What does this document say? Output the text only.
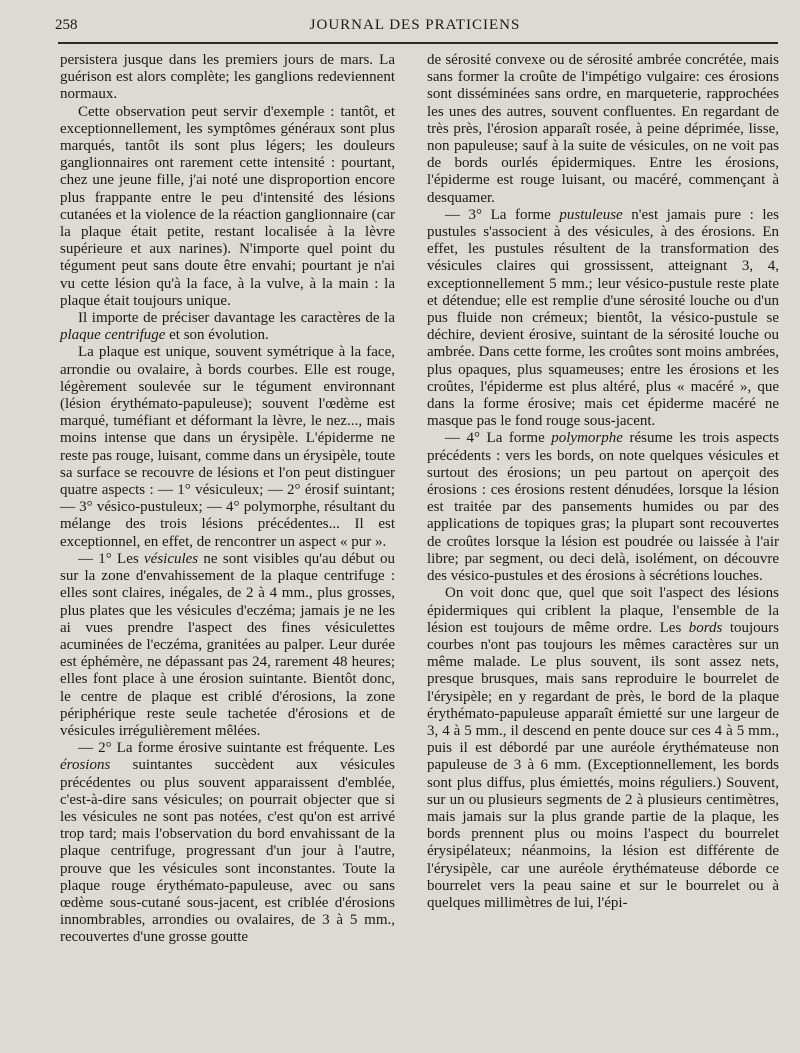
258	JOURNAL DES PRATICIENS

persistera jusque dans les premiers jours de mars. La guérison est alors complète; les ganglions redeviennent normaux.

Cette observation peut servir d'exemple : tantôt, et exceptionnellement, les symptômes généraux sont plus marqués, tantôt ils sont plus légers; les douleurs ganglionnaires ont rarement cette intensité : pourtant, chez une jeune fille, j'ai noté une disproportion encore plus frappante entre le peu d'intensité des lésions cutanées et la violence de la réaction ganglionnaire (car la plaque était petite, restant localisée à la lèvre supérieure et aux narines). N'importe quel point du tégument peut sans doute être envahi; pourtant je n'ai vu cette lésion qu'à la face, à la vulve, à la main : la plaque était toujours unique.

Il importe de préciser davantage les caractères de la plaque centrifuge et son évolution.

La plaque est unique, souvent symétrique à la face, arrondie ou ovalaire, à bords courbes. Elle est rouge, légèrement soulevée sur le tégument environnant (lésion érythémato-papuleuse); souvent l'œdème est marqué, tuméfiant et déformant la lèvre, le nez..., mais moins intense que dans un érysipèle. L'épiderme ne reste pas rouge, luisant, comme dans un érysipèle, toute sa surface se recouvre de lésions et l'on peut distinguer quatre aspects : — 1° vésiculeux; — 2° érosif suintant; — 3° vésico-pustuleux; — 4° polymorphe, résultant du mélange des trois lésions précédentes... Il est exceptionnel, en effet, de rencontrer un aspect « pur ».

— 1° Les vésicules ne sont visibles qu'au début ou sur la zone d'envahissement de la plaque centrifuge : elles sont claires, inégales, de 2 à 4 mm., plus grosses, plus plates que les vésicules d'eczéma; jamais je ne les ai vues prendre l'aspect des fines vésiculettes acuminées de l'eczéma, granitées au palper. Leur durée est éphémère, ne dépassant pas 24, rarement 48 heures; elles font place à une érosion suintante. Bientôt donc, le centre de plaque est criblé d'érosions, la zone périphérique reste seule tachetée d'érosions et de vésicules irrégulièrement mêlées.

— 2° La forme érosive suintante est fréquente. Les érosions suintantes succèdent aux vésicules précédentes ou plus souvent apparaissent d'emblée, c'est-à-dire sans vésicules; on pourrait objecter que si les vésicules ne sont pas notées, c'est qu'on est arrivé trop tard; mais l'observation du bord envahissant de la plaque centrifuge, progressant d'un jour à l'autre, prouve que les vésicules sont inconstantes. Toute la plaque rouge érythémato-papuleuse, avec ou sans œdème sous-cutané sous-jacent, est criblée d'érosions innombrables, arrondies ou ovalaires, de 3 à 5 mm., recouvertes d'une grosse goutte

de sérosité convexe ou de sérosité ambrée concrétée, mais sans former la croûte de l'impétigo vulgaire: ces érosions sont disséminées sans ordre, en marqueterie, rapprochées les unes des autres, souvent confluentes. En regardant de très près, l'érosion apparaît rosée, à peine déprimée, lisse, non papuleuse; sauf à la suite de vésicules, on ne voit pas de bords ourlés épidermiques. Entre les érosions, l'épiderme est rouge luisant, ou macéré, commençant à desquamer.

— 3° La forme pustuleuse n'est jamais pure : les pustules s'associent à des vésicules, à des érosions. En effet, les pustules résultent de la transformation des vésicules claires qui grossissent, atteignant 3, 4, exceptionnellement 5 mm.; leur vésico-pustule reste plate et détendue; elle est remplie d'une sérosité louche ou d'un pus fluide non crémeux; bientôt, la vésico-pustule se déchire, devient érosive, suintant de la sérosité louche ou ambrée. Dans cette forme, les croûtes sont moins ambrées, plus opaques, plus squameuses; entre les érosions et les croûtes, l'épiderme est plus altéré, plus « macéré », que dans la forme érosive; mais cet épiderme macéré ne masque pas le fond rouge sous-jacent.

— 4° La forme polymorphe résume les trois aspects précédents : vers les bords, on note quelques vésicules et surtout des érosions; un peu partout on aperçoit des érosions : ces érosions restent dénudées, lorsque la lésion est traitée par des pansements humides ou par des applications de topiques gras; la plupart sont recouvertes de croûtes lorsque la lésion est poudrée ou laissée à l'air libre; par segment, ou deci delà, isolément, on découvre des vésico-pustules et des érosions à sécrétions louches.

On voit donc que, quel que soit l'aspect des lésions épidermiques qui criblent la plaque, l'ensemble de la lésion est toujours de même ordre. Les bords toujours courbes n'ont pas toujours les mêmes caractères sur un même malade. Le plus souvent, ils sont assez nets, presque brusques, mais sans reproduire le bourrelet de l'érysipèle; en y regardant de près, le bord de la plaque érythémato-papuleuse apparaît émietté sur une largeur de 3, 4 à 5 mm., il descend en pente douce sur ces 4 à 5 mm., puis il est débordé par une auréole érythémateuse non papuleuse de 3 à 6 mm. (Exceptionnellement, les bords sont plus diffus, plus émiettés, moins réguliers.) Souvent, sur un ou plusieurs segments de 2 à plusieurs centimètres, mais jamais sur la plus grande partie de la plaque, les bords prennent plus ou moins l'aspect du bourrelet érysipélateux; néanmoins, la lésion est différente de l'érysipèle, car une auréole érythémateuse déborde ce bourrelet vers la peau saine et sur le bourrelet ou à quelques millimètres de lui, l'épi-
